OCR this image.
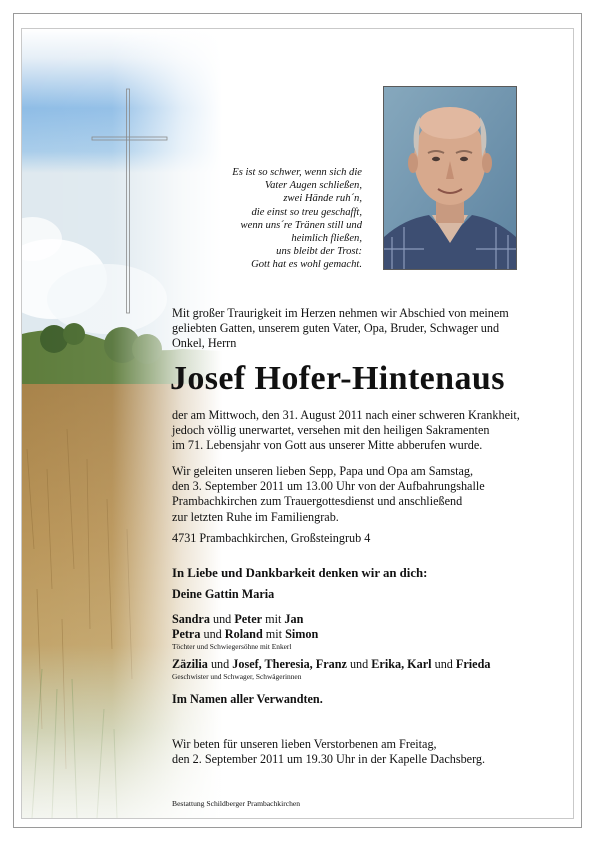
Es ist so schwer, wenn sich die
Vater Augen schließen,
zwei Hände ruh´n,
die einst so treu geschafft,
wenn uns´re Tränen still und
heimlich fließen,
uns bleibt der Trost:
Gott hat es wohl gemacht.
Mit großer Traurigkeit im Herzen nehmen wir Abschied von meinem
geliebten Gatten, unserem guten Vater, Opa, Bruder, Schwager und
Onkel, Herrn
Josef Hofer-Hintenaus
der am Mittwoch, den 31. August 2011 nach einer schweren Krankheit,
jedoch völlig unerwartet, versehen mit den heiligen Sakramenten
im 71. Lebensjahr von Gott aus unserer Mitte abberufen wurde.
Wir geleiten unseren lieben Sepp, Papa und Opa am Samstag,
den 3. September 2011 um 13.00 Uhr von der Aufbahrungshalle
Prambachkirchen zum Trauergottesdienst und anschließend
zur letzten Ruhe im Familiengrab.
4731 Prambachkirchen, Großsteingrub 4
In Liebe und Dankbarkeit denken wir an dich:
Deine Gattin Maria
Sandra und Peter mit Jan
Petra und Roland mit Simon
Töchter und Schwiegersöhne mit Enkerl
Zäzilia und Josef, Theresia, Franz und Erika, Karl und Frieda
Geschwister und Schwager, Schwägerinnen
Im Namen aller Verwandten.
Wir beten für unseren lieben Verstorbenen am Freitag,
den 2. September 2011 um 19.30 Uhr in der Kapelle Dachsberg.
Bestattung Schildberger Prambachkirchen
